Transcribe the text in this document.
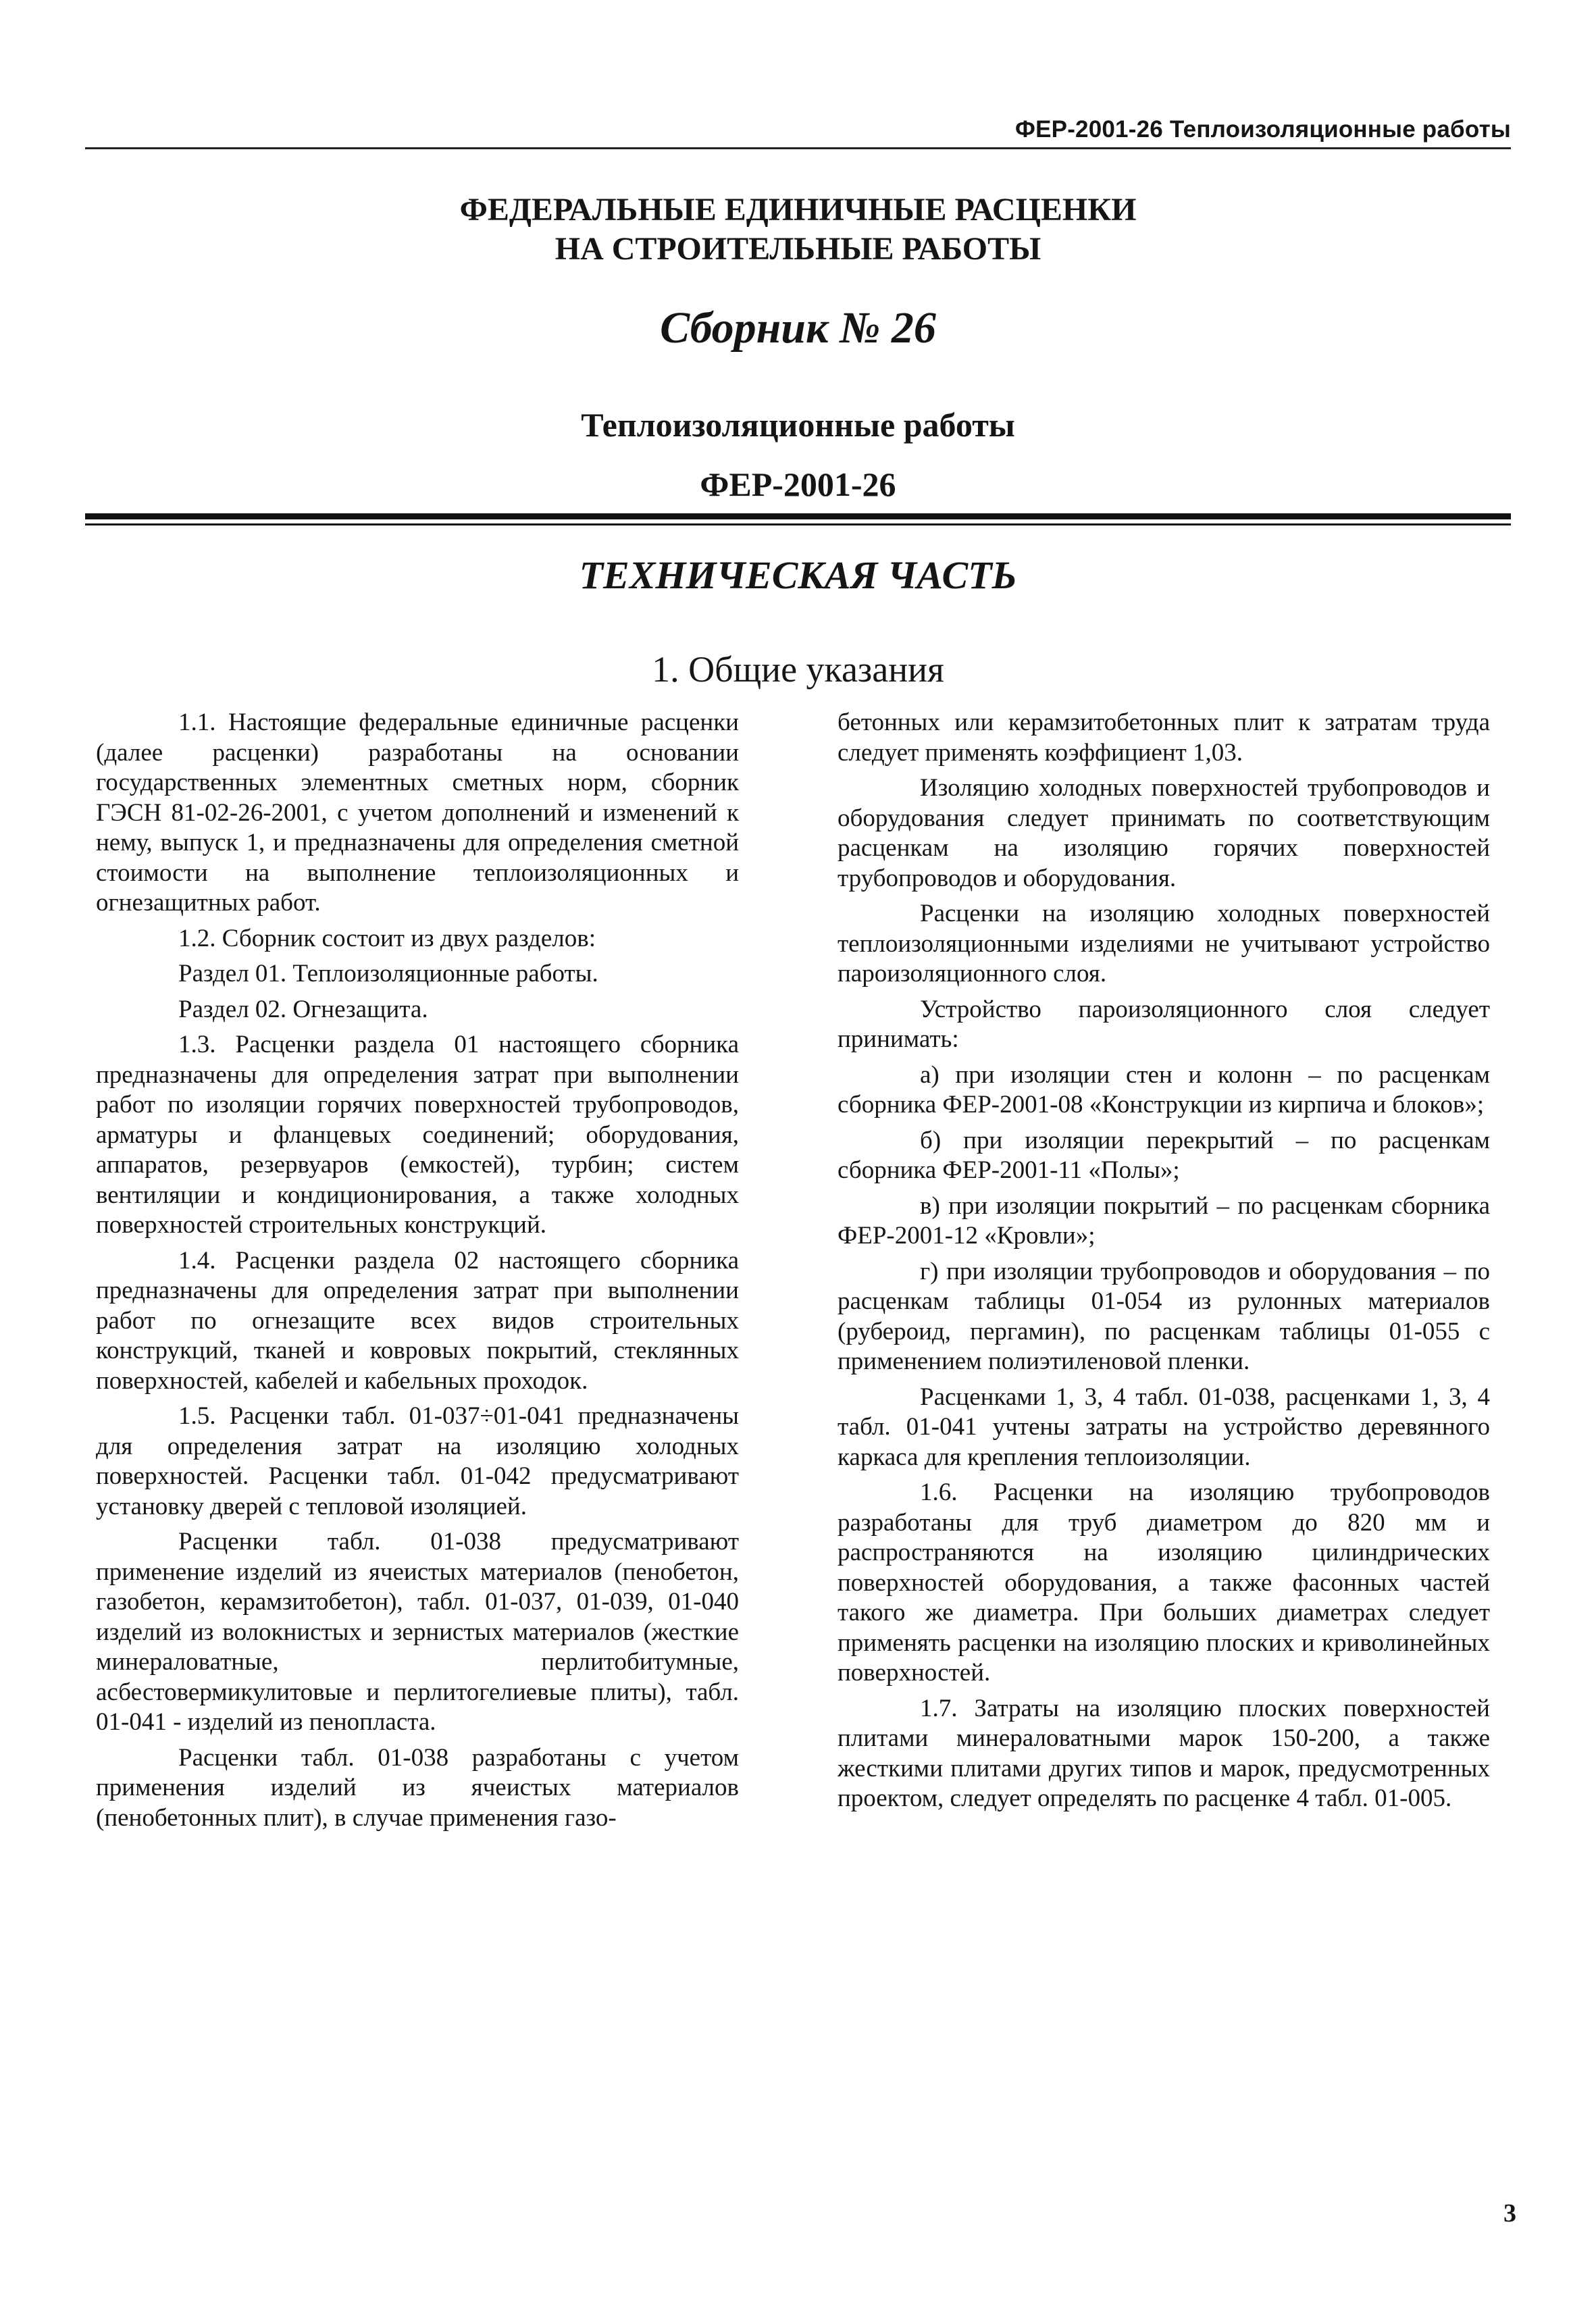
ФЕР-2001-26 Теплоизоляционные работы
ФЕДЕРАЛЬНЫЕ ЕДИНИЧНЫЕ РАСЦЕНКИ
НА СТРОИТЕЛЬНЫЕ РАБОТЫ
Сборник № 26
Теплоизоляционные работы
ФЕР-2001-26
ТЕХНИЧЕСКАЯ ЧАСТЬ
1. Общие указания

1.1. Настоящие федеральные единичные расценки (далее расценки) разработаны на основании государственных элементных сметных норм, сборник ГЭСН 81-02-26-2001, с учетом дополнений и изменений к нему, выпуск 1, и предназначены для определения сметной стоимости на выполнение теплоизоляционных и огнезащитных работ.

1.2. Сборник состоит из двух разделов:

Раздел 01. Теплоизоляционные работы.

Раздел 02. Огнезащита.

1.3. Расценки раздела 01 настоящего сборника предназначены для определения затрат при выполнении работ по изоляции горячих поверхностей трубопроводов, арматуры и фланцевых соединений; оборудования, аппаратов, резервуаров (емкостей), турбин; систем вентиляции и кондиционирования, а также холодных поверхностей строительных конструкций.

1.4. Расценки раздела 02 настоящего сборника предназначены для определения затрат при выполнении работ по огнезащите всех видов строительных конструкций, тканей и ковровых покрытий, стеклянных поверхностей, кабелей и кабельных проходок.

1.5. Расценки табл. 01-037÷01-041 предназначены для определения затрат на изоляцию холодных поверхностей. Расценки табл. 01-042 предусматривают установку дверей с тепловой изоляцией.

Расценки табл. 01-038 предусматривают применение изделий из ячеистых материалов (пенобетон, газобетон, керамзитобетон), табл. 01-037, 01-039, 01-040 изделий из волокнистых и зернистых материалов (жесткие минераловатные, перлитобитумные, асбестовермикулитовые и перлитогелиевые плиты), табл. 01-041 - изделий из пенопласта.

Расценки табл. 01-038 разработаны с учетом применения изделий из ячеистых материалов (пенобетонных плит), в случае применения газо-

бетонных или керамзитобетонных плит к затратам труда следует применять коэффициент 1,03.

Изоляцию холодных поверхностей трубопроводов и оборудования следует принимать по соответствующим расценкам на изоляцию горячих поверхностей трубопроводов и оборудования.

Расценки на изоляцию холодных поверхностей теплоизоляционными изделиями не учитывают устройство пароизоляционного слоя.

Устройство пароизоляционного слоя следует принимать:

а) при изоляции стен и колонн – по расценкам сборника ФЕР-2001-08 «Конструкции из кирпича и блоков»;

б) при изоляции перекрытий – по расценкам сборника ФЕР-2001-11 «Полы»;

в) при изоляции покрытий – по расценкам сборника ФЕР-2001-12 «Кровли»;

г) при изоляции трубопроводов и оборудования – по расценкам таблицы 01-054 из рулонных материалов (рубероид, пергамин), по расценкам таблицы 01-055 с применением полиэтиленовой пленки.

Расценками 1, 3, 4 табл. 01-038, расценками 1, 3, 4 табл. 01-041 учтены затраты на устройство деревянного каркаса для крепления теплоизоляции.

1.6. Расценки на изоляцию трубопроводов разработаны для труб диаметром до 820 мм и распространяются на изоляцию цилиндрических поверхностей оборудования, а также фасонных частей такого же диаметра. При больших диаметрах следует применять расценки на изоляцию плоских и криволинейных поверхностей.

1.7. Затраты на изоляцию плоских поверхностей плитами минераловатными марок 150-200, а также жесткими плитами других типов и марок, предусмотренных проектом, следует определять по расценке 4 табл. 01-005.

3
